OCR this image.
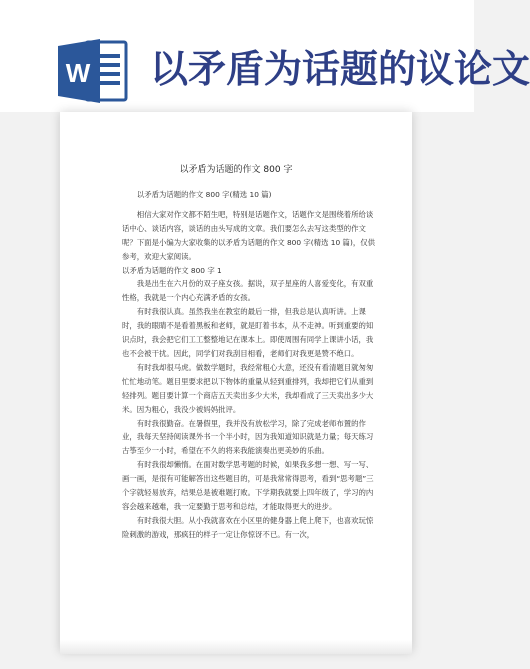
W 以矛盾为话题的议论文
以矛盾为话题的作文 800 字

以矛盾为话题的作文 800 字(精选 10 篇)

相信大家对作文都不陌生吧，特别是话题作文，话题作文是围绕着所给谈话中心、谈话内容，谈话的由头写成的文章。我们要怎么去写这类型的作文呢？下面是小编为大家收集的以矛盾为话题的作文 800 字(精选 10 篇)，仅供参考，欢迎大家阅读。

以矛盾为话题的作文 800 字 1

我是出生在六月份的双子座女孩。据说，双子星座的人喜爱变化，有双重性格，我就是一个内心充满矛盾的女孩。

有时我很认真。虽然我坐在教室的最后一排，但我总是认真听讲。上课时，我的眼睛不是看着黑板和老师，就是盯着书本，从不走神。听到重要的知识点时，我会把它们工工整整地记在课本上。即使周围有同学上课讲小话，我也不会被干扰。因此，同学们对我刮目相看，老师们对我更是赞不绝口。

有时我却很马虎。做数学题时，我经常粗心大意，还没有看清题目就匆匆忙忙地动笔。题目里要求把以下物体的重量从轻到重排列，我却把它们从重到轻排列。题目要计算一个商店五天卖出多少大米，我却看成了三天卖出多少大米。因为粗心，我没少被妈妈批评。

有时我很勤奋。在暑假里，我并没有放松学习，除了完成老师布置的作业，我每天坚持阅读课外书一个半小时，因为我知道知识就是力量；每天练习古筝至少一小时，希望在不久的将来我能演奏出更美妙的乐曲。

有时我很却懒惰。在面对数学思考题的时候，如果我多想一想、写一写、画一画，是很有可能解答出这些题目的，可是我常常得思考，看到“思考题”三个字就轻易放弃，结果总是被难题打败。下学期我就要上四年级了，学习的内容会越来越难，我一定要勤于思考和总结，才能取得更大的进步。

有时我很大胆。从小我就喜欢在小区里的健身器上爬上爬下，也喜欢玩惊险刺激的游戏，那疯狂的样子一定让你惊讶不已。有一次，
